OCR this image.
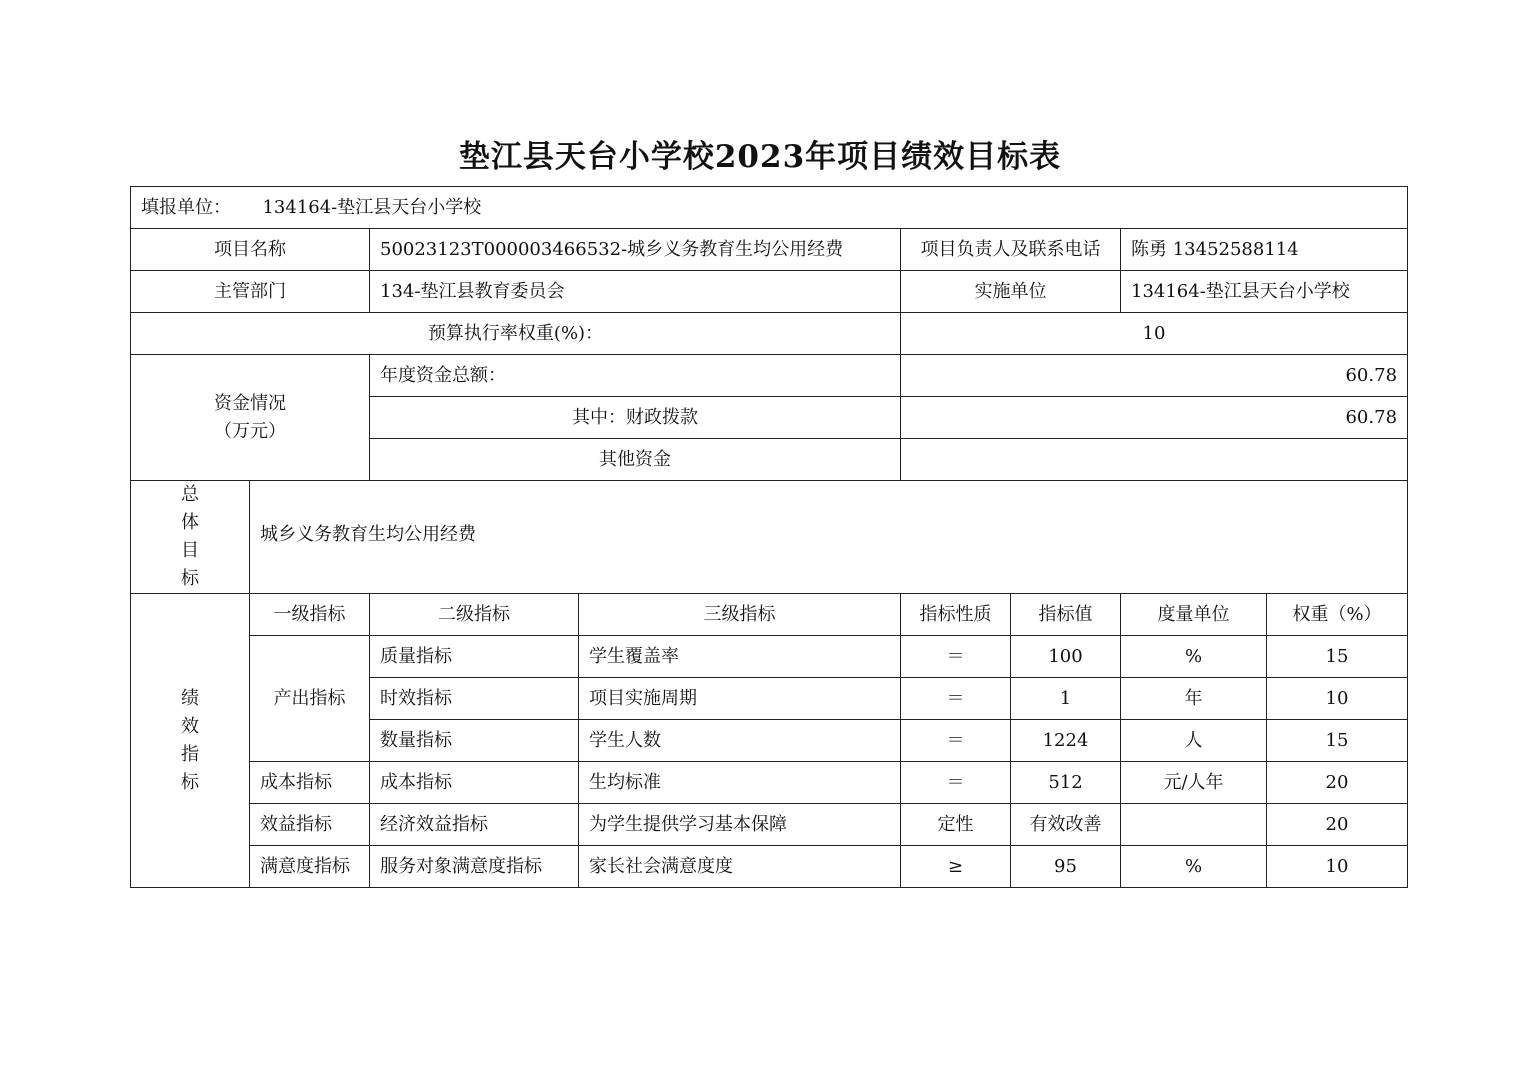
垫江县天台小学校2023年项目绩效目标表
填报单位： 134164-垫江县天台小学校							
项目名称		50023123T000003466532-城乡义务教育生均公用经费		项目负责人及联系电话		陈勇 13452588114	
主管部门		134-垫江县教育委员会		实施单位		134164-垫江县天台小学校	
预算执行率权重(%)：				10			

资金情况
（万元）		年度资金总额：		60.78			
		其中：财政拨款		60.78			
		其他资金					

总
体
目
标	城乡义务教育生均公用经费						

绩
效
指
标	一级指标	二级指标	三级指标	指标性质	指标值	度量单位	权重（%）
	产出指标	质量指标	学生覆盖率	＝	100	%	15
		时效指标	项目实施周期	＝	1	年	10
		数量指标	学生人数	＝	1224	人	15
	成本指标	成本指标	生均标准	＝	512	元/人年	20
	效益指标	经济效益指标	为学生提供学习基本保障	定性	有效改善		20
	满意度指标	服务对象满意度指标	家长社会满意度度	≥	95	%	10
